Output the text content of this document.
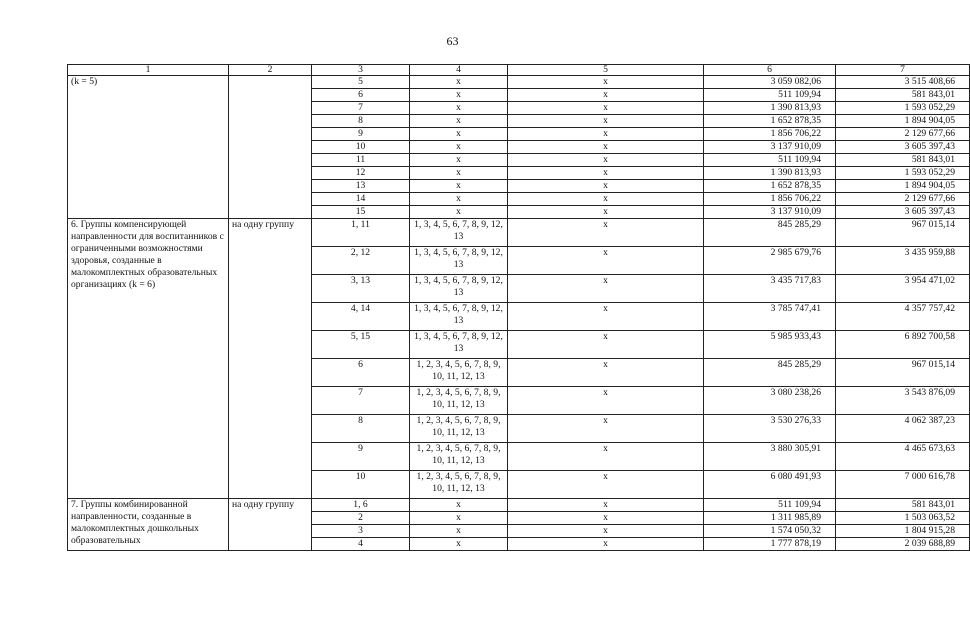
63
1	2	3	4	5	6	7
(k = 5)		5	х	х	3 059 082,06	3 515 408,66
		6	х	х	511 109,94	581 843,01
		7	х	х	1 390 813,93	1 593 052,29
		8	х	х	1 652 878,35	1 894 904,05
		9	х	х	1 856 706,22	2 129 677,66
		10	х	х	3 137 910,09	3 605 397,43
		11	х	х	511 109,94	581 843,01
		12	х	х	1 390 813,93	1 593 052,29
		13	х	х	1 652 878,35	1 894 904,05
		14	х	х	1 856 706,22	2 129 677,66
		15	х	х	3 137 910,09	3 605 397,43
6. Группы компенсирующей направленности для воспитанников с ограниченными возможностями здоровья, созданные в малокомплектных образовательных организациях (k = 6)	на одну группу	1, 11	1, 3, 4, 5, 6, 7, 8, 9, 12, 13	х	845 285,29	967 015,14
		2, 12	1, 3, 4, 5, 6, 7, 8, 9, 12, 13	х	2 985 679,76	3 435 959,88
		3, 13	1, 3, 4, 5, 6, 7, 8, 9, 12, 13	х	3 435 717,83	3 954 471,02
		4, 14	1, 3, 4, 5, 6, 7, 8, 9, 12, 13	х	3 785 747,41	4 357 757,42
		5, 15	1, 3, 4, 5, 6, 7, 8, 9, 12, 13	х	5 985 933,43	6 892 700,58
		6	1, 2, 3, 4, 5, 6, 7, 8, 9, 10, 11, 12, 13	х	845 285,29	967 015,14
		7	1, 2, 3, 4, 5, 6, 7, 8, 9, 10, 11, 12, 13	х	3 080 238,26	3 543 876,09
		8	1, 2, 3, 4, 5, 6, 7, 8, 9, 10, 11, 12, 13	х	3 530 276,33	4 062 387,23
		9	1, 2, 3, 4, 5, 6, 7, 8, 9, 10, 11, 12, 13	х	3 880 305,91	4 465 673,63
		10	1, 2, 3, 4, 5, 6, 7, 8, 9, 10, 11, 12, 13	х	6 080 491,93	7 000 616,78
7. Группы комбинированной направленности, созданные в малокомплектных дошкольных образовательных	на одну группу	1, 6	х	х	511 109,94	581 843,01
		2	х	х	1 311 985,89	1 503 063,52
		3	х	х	1 574 050,32	1 804 915,28
		4	х	х	1 777 878,19	2 039 688,89
